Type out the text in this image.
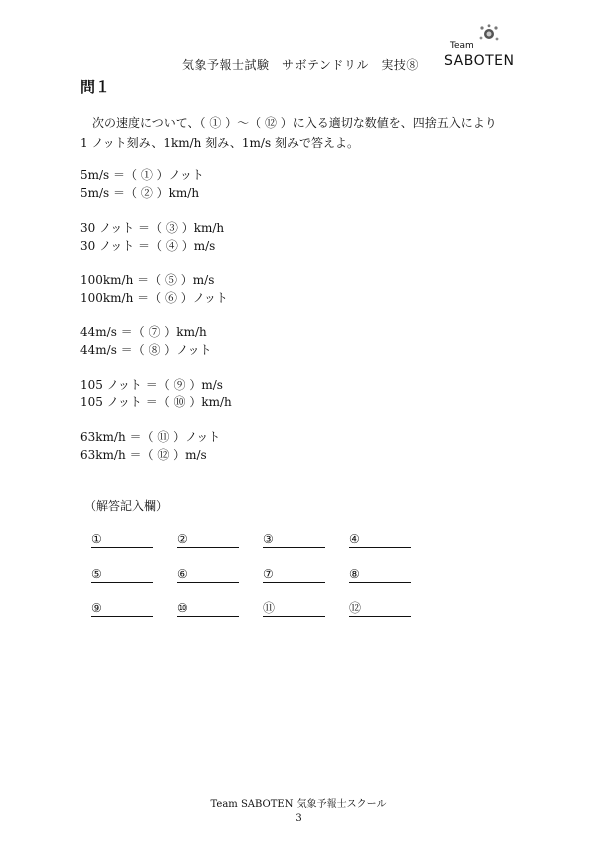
気象予報士試験　サボテンドリル　実技⑧
Team
SABOTEN
問１
次の速度について、（ ① ）～（ ⑫ ）に入る適切な数値を、四捨五入により
1 ノット刻み、1km/h 刻み、1m/s 刻みで答えよ。
5m/s ＝（ ① ）ノット
5m/s ＝（ ② ）km/h
30 ノット ＝（ ③ ）km/h
30 ノット ＝（ ④ ）m/s
100km/h ＝（ ⑤ ）m/s
100km/h ＝（ ⑥ ）ノット
44m/s ＝（ ⑦ ）km/h
44m/s ＝（ ⑧ ）ノット
105 ノット ＝（ ⑨ ）m/s
105 ノット ＝（ ⑩ ）km/h
63km/h ＝（ ⑪ ）ノット
63km/h ＝（ ⑫ ）m/s
（解答記入欄）
①	②	③	④
⑤	⑥	⑦	⑧
⑨	⑩	⑪	⑫
Team SABOTEN 気象予報士スクール
3
